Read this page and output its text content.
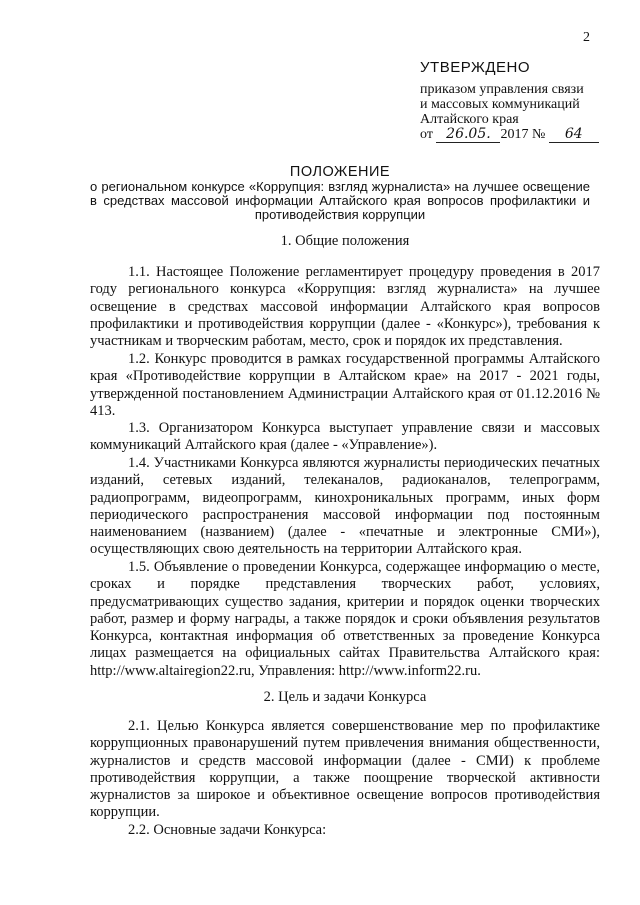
2
УТВЕРЖДЕНО
приказом управления связи
и массовых коммуникаций
Алтайского края
от 26.05. 2017 № 64
ПОЛОЖЕНИЕ
о региональном конкурсе «Коррупция: взгляд журналиста» на лучшее освещение в средствах массовой информации Алтайского края вопросов профилактики и противодействия коррупции
1. Общие положения

1.1. Настоящее Положение регламентирует процедуру проведения в 2017 году регионального конкурса «Коррупция: взгляд журналиста» на лучшее освещение в средствах массовой информации Алтайского края вопросов профилактики и противодействия коррупции (далее - «Конкурс»), требования к участникам и творческим работам, место, срок и порядок их представления.

1.2. Конкурс проводится в рамках государственной программы Алтайского края «Противодействие коррупции в Алтайском крае» на 2017 - 2021 годы, утвержденной постановлением Администрации Алтайского края от 01.12.2016 № 413.

1.3. Организатором Конкурса выступает управление связи и массовых коммуникаций Алтайского края (далее - «Управление»).

1.4. Участниками Конкурса являются журналисты периодических печатных изданий, сетевых изданий, телеканалов, радиоканалов, телепрограмм, радиопрограмм, видеопрограмм, кинохроникальных программ, иных форм периодического распространения массовой информации под постоянным наименованием (названием) (далее - «печатные и электронные СМИ»), осуществляющих свою деятельность на территории Алтайского края.

1.5. Объявление о проведении Конкурса, содержащее информацию о месте, сроках и порядке представления творческих работ, условиях, предусматривающих существо задания, критерии и порядок оценки творческих работ, размер и форму награды, а также порядок и сроки объявления результатов Конкурса, контактная информация об ответственных за проведение Конкурса лицах размещается на официальных сайтах Правительства Алтайского края: http://www.altairegion22.ru, Управления: http://www.inform22.ru.

2. Цель и задачи Конкурса

2.1. Целью Конкурса является совершенствование мер по профилактике коррупционных правонарушений путем привлечения внимания общественности, журналистов и средств массовой информации (далее - СМИ) к проблеме противодействия коррупции, а также поощрение творческой активности журналистов за широкое и объективное освещение вопросов противодействия коррупции.

2.2. Основные задачи Конкурса:
